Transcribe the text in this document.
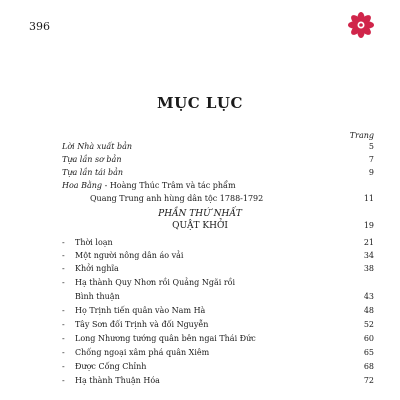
396
MỤC LỤC
Trang
Lời Nhà xuất bản	5
Tựa lần sơ bản	7
Tựa lần tái bản	9
Hoa Bằng - Hoàng Thúc Trâm và tác phẩm
Quang Trung anh hùng dân tộc 1788-1792	11
PHẦN THỨ NHẤT
QUẬT KHỞI	19
- Thời loạn	21
- Một người nông dân áo vải	34
- Khởi nghĩa	38
- Hạ thành Quy Nhơn rồi Quảng Ngãi rồi
Bình thuận	43
- Họ Trịnh tiến quân vào Nam Hà	48
- Tây Sơn đối Trịnh và đối Nguyễn	52
- Long Nhương tướng quân bên ngai Thái Đức	60
- Chống ngoại xâm phá quân Xiêm	65
- Được Cống Chỉnh	68
- Hạ thành Thuận Hóa	72
